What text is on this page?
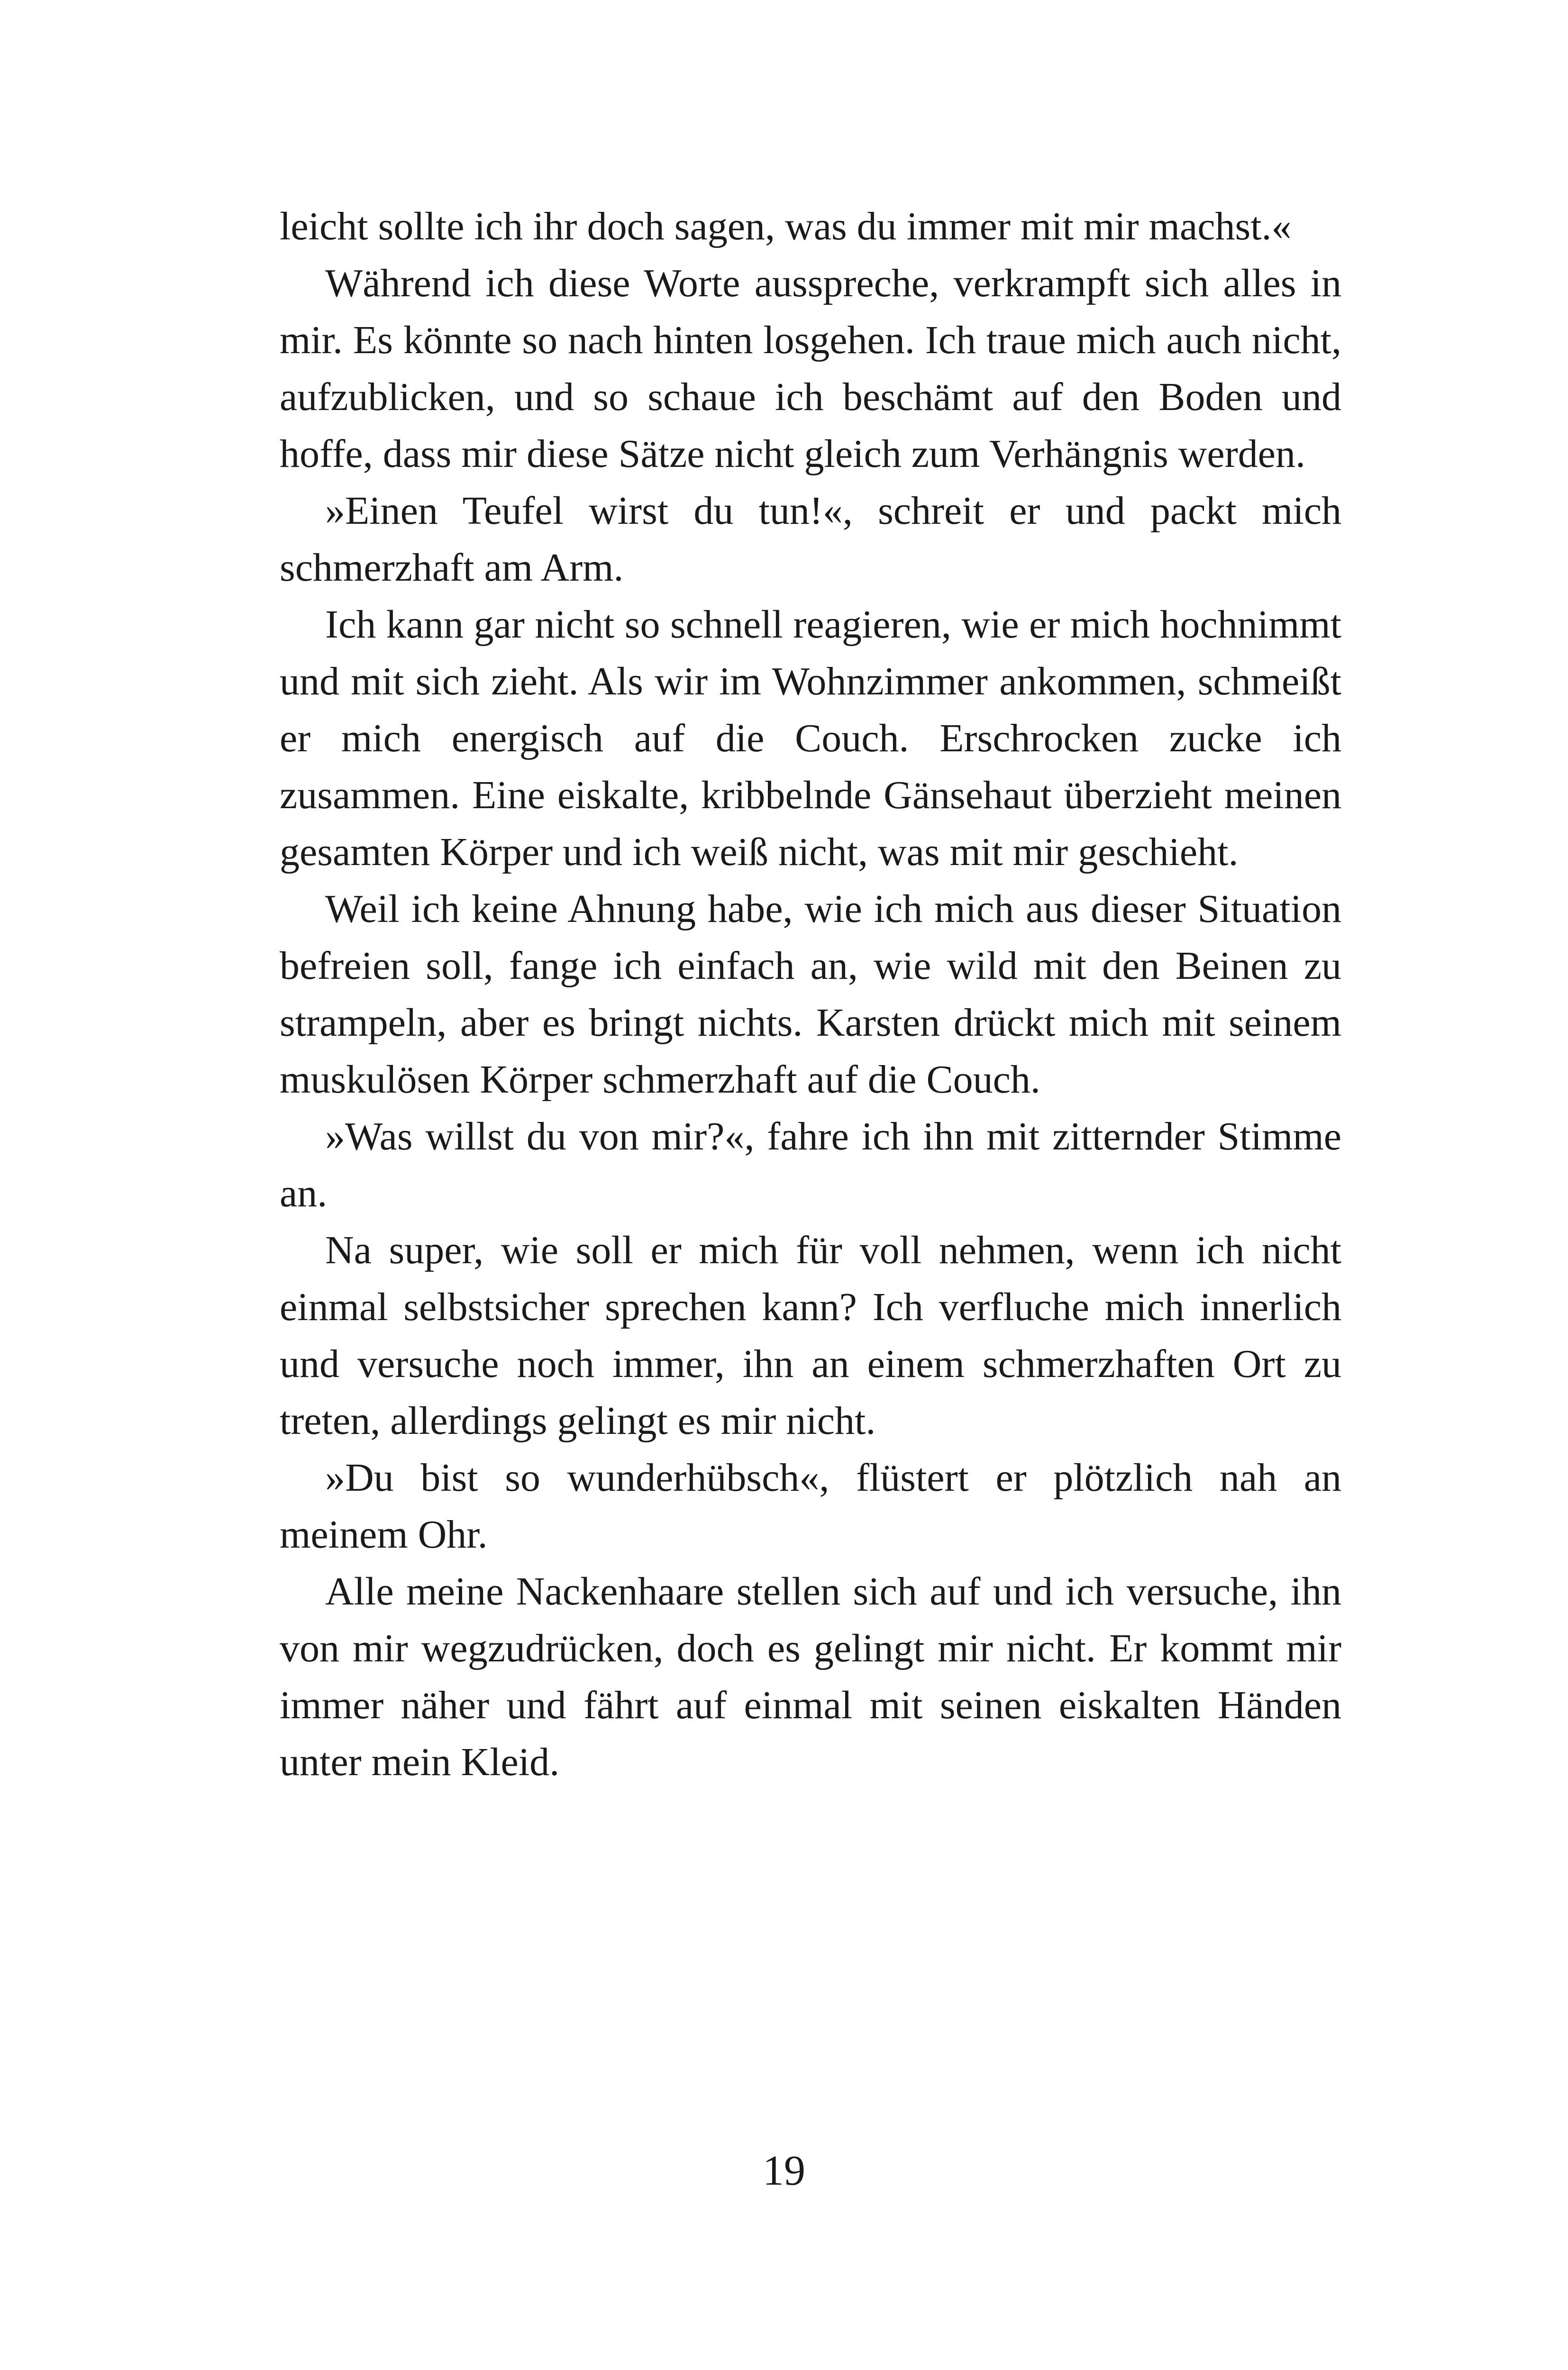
leicht sollte ich ihr doch sagen, was du immer mit mir machst.«

Während ich diese Worte ausspreche, verkrampft sich alles in mir. Es könnte so nach hinten losgehen. Ich traue mich auch nicht, aufzublicken, und so schaue ich beschämt auf den Boden und hoffe, dass mir diese Sätze nicht gleich zum Verhängnis werden.

»Einen Teufel wirst du tun!«, schreit er und packt mich schmerzhaft am Arm.

Ich kann gar nicht so schnell reagieren, wie er mich hochnimmt und mit sich zieht. Als wir im Wohnzimmer ankommen, schmeißt er mich energisch auf die Couch. Erschrocken zucke ich zusammen. Eine eiskalte, kribbelnde Gänsehaut überzieht meinen gesamten Körper und ich weiß nicht, was mit mir geschieht.

Weil ich keine Ahnung habe, wie ich mich aus dieser Situation befreien soll, fange ich einfach an, wie wild mit den Beinen zu strampeln, aber es bringt nichts. Karsten drückt mich mit seinem muskulösen Körper schmerzhaft auf die Couch.

»Was willst du von mir?«, fahre ich ihn mit zitternder Stimme an.

Na super, wie soll er mich für voll nehmen, wenn ich nicht einmal selbstsicher sprechen kann? Ich verfluche mich innerlich und versuche noch immer, ihn an einem schmerzhaften Ort zu treten, allerdings gelingt es mir nicht.

»Du bist so wunderhübsch«, flüstert er plötzlich nah an meinem Ohr.

Alle meine Nackenhaare stellen sich auf und ich versuche, ihn von mir wegzudrücken, doch es gelingt mir nicht. Er kommt mir immer näher und fährt auf einmal mit seinen eiskalten Händen unter mein Kleid.

19
